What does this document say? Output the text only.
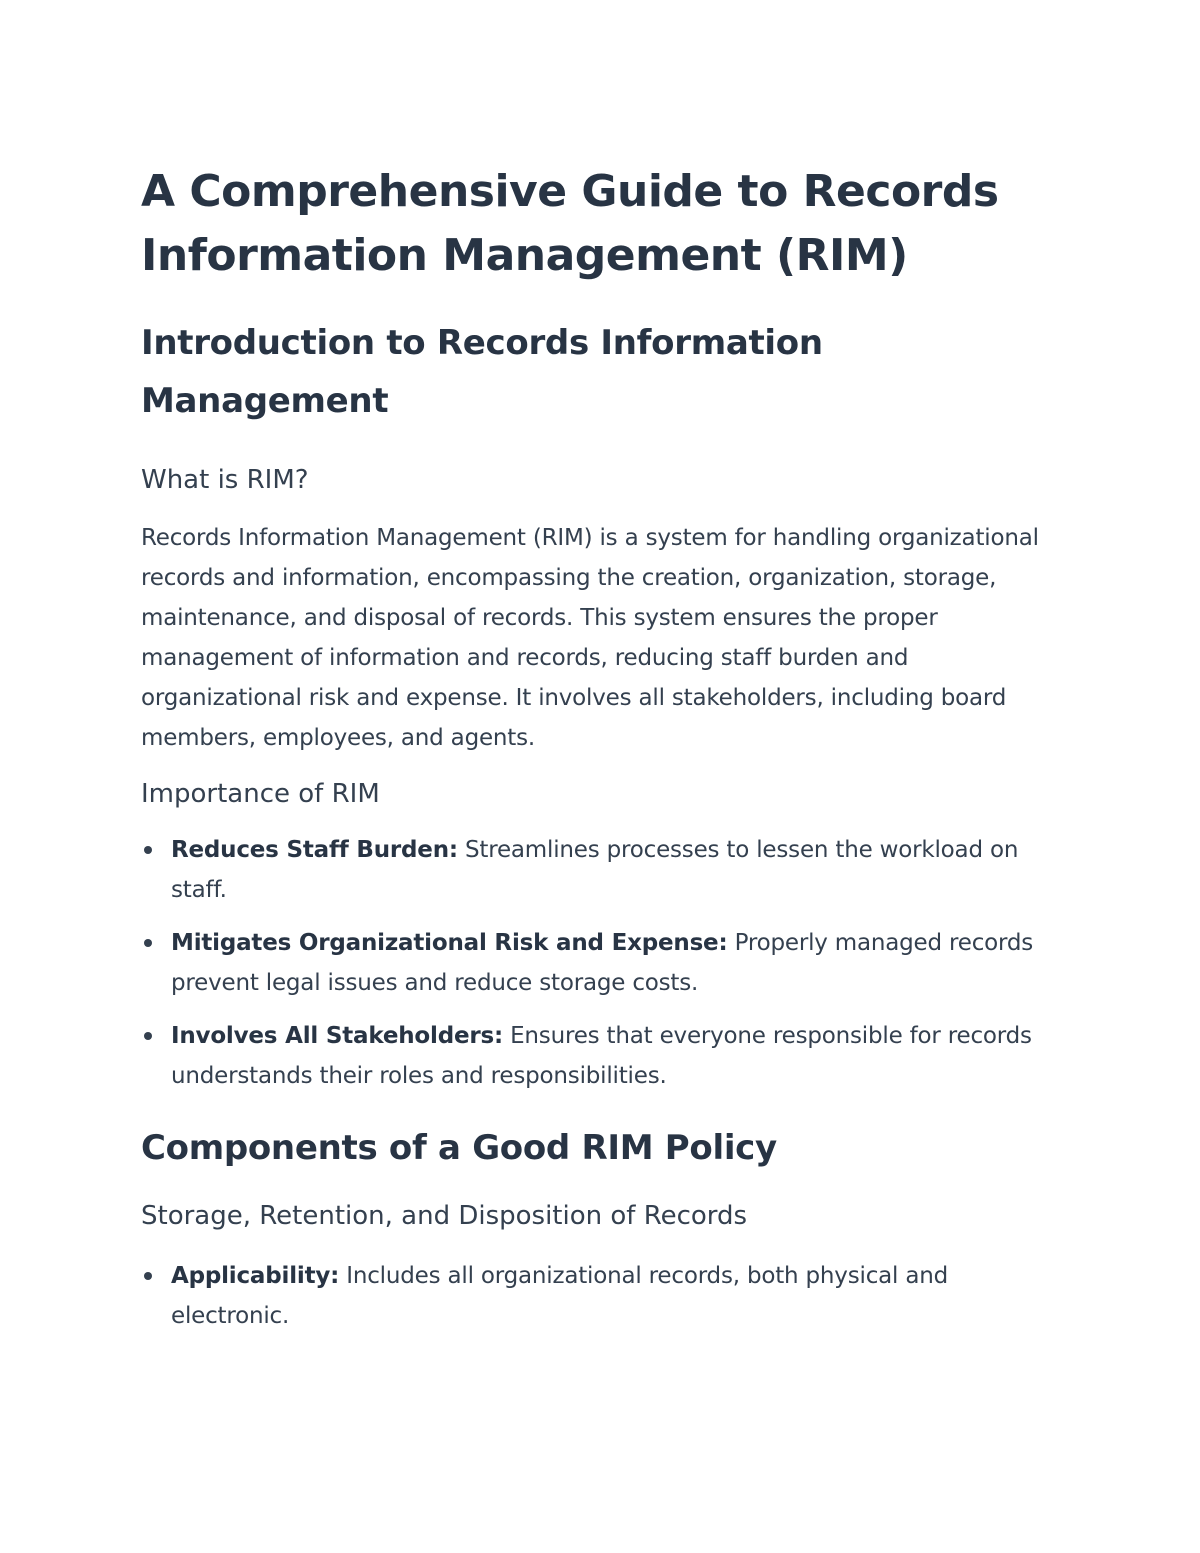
A Comprehensive Guide to Records Information Management (RIM)
Introduction to Records Information Management
What is RIM?

Records Information Management (RIM) is a system for handling organizational records and information, encompassing the creation, organization, storage, maintenance, and disposal of records. This system ensures the proper management of information and records, reducing staff burden and organizational risk and expense. It involves all stakeholders, including board members, employees, and agents.

Importance of RIM
Reduces Staff Burden: Streamlines processes to lessen the workload on staff.
Mitigates Organizational Risk and Expense: Properly managed records prevent legal issues and reduce storage costs.
Involves All Stakeholders: Ensures that everyone responsible for records understands their roles and responsibilities.
Components of a Good RIM Policy
Storage, Retention, and Disposition of Records
Applicability: Includes all organizational records, both physical and electronic.
